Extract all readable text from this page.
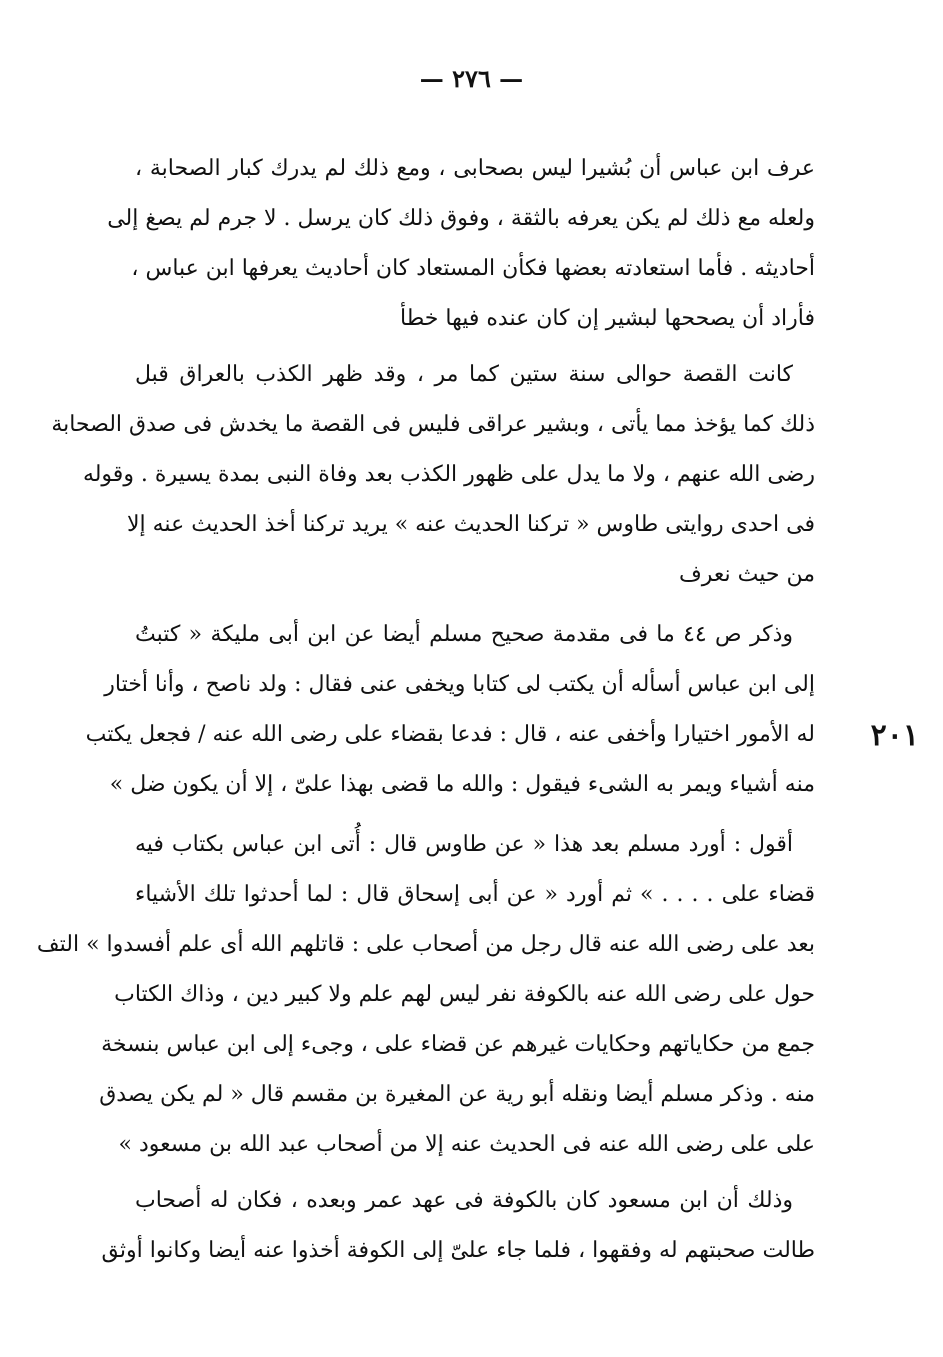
— ٢٧٦ —
٢٠١
عرف ابن عباس أن بُشيرا ليس بصحابى ، ومع ذلك لم يدرك كبار الصحابة ،
ولعله مع ذلك لم يكن يعرفه بالثقة ، وفوق ذلك كان يرسل . لا جرم لم يصغ إلى
أحاديثه . فأما استعادته بعضها فكأن المستعاد كان أحاديث يعرفها ابن عباس ،
فأراد أن يصححها لبشير إن كان عنده فيها خطأ
كانت القصة حوالى سنة ستين كما مر ، وقد ظهر الكذب بالعراق قبل
ذلك كما يؤخذ مما يأتى ، وبشير عراقى فليس فى القصة ما يخدش فى صدق الصحابة
رضى الله عنهم ، ولا ما يدل على ظهور الكذب بعد وفاة النبى بمدة يسيرة . وقوله
فى احدى روايتى طاوس « تركنا الحديث عنه » يريد تركنا أخذ الحديث عنه إلا
من حيث نعرف
وذكر ص ٤٤ ما فى مقدمة صحيح مسلم أيضا عن ابن أبى مليكة « كتبتُ
إلى ابن عباس أسأله أن يكتب لى كتابا ويخفى عنى فقال : ولد ناصح ، وأنا أختار
له الأمور اختيارا وأخفى عنه ، قال : فدعا بقضاء على رضى الله عنه / فجعل يكتب
منه أشياء ويمر به الشىء فيقول : والله ما قضى بهذا علىّ ، إلا أن يكون ضل »
أقول : أورد مسلم بعد هذا « عن طاوس قال : أُتى ابن عباس بكتاب فيه
قضاء على . . . . » ثم أورد « عن أبى إسحاق قال : لما أحدثوا تلك الأشياء
بعد على رضى الله عنه قال رجل من أصحاب على : قاتلهم الله أى علم أفسدوا » التف
حول على رضى الله عنه بالكوفة نفر ليس لهم علم ولا كبير دين ، وذاك الكتاب
جمع من حكاياتهم وحكايات غيرهم عن قضاء على ، وجىء إلى ابن عباس بنسخة
منه . وذكر مسلم أيضا ونقله أبو رية عن المغيرة بن مقسم قال « لم يكن يصدق
على على رضى الله عنه فى الحديث عنه إلا من أصحاب عبد الله بن مسعود »
وذلك أن ابن مسعود كان بالكوفة فى عهد عمر وبعده ، فكان له أصحاب
طالت صحبتهم له وفقهوا ، فلما جاء علىّ إلى الكوفة أخذوا عنه أيضا وكانوا أوثق
